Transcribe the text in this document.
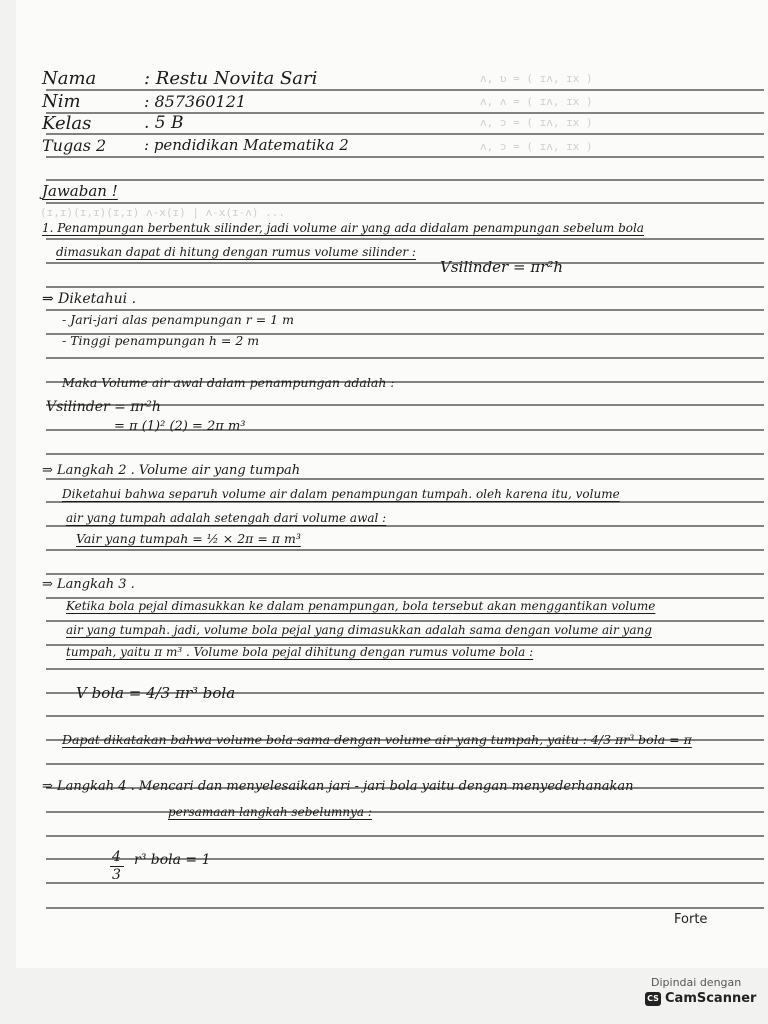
ʌ, ʋ = ( ɪʌ, ɪx )
ʌ, ʌ = ( ɪʌ, ɪx )
ʌ, ɔ = ( ɪʌ, ɪx )
ʌ, ɔ = ( ɪʌ, ɪx )
(ɪ,ɪ)(ɪ,ɪ)(ɪ,ɪ) ʌ-x(ɪ) | ʌ-x(ɪ-ʌ) ...
Nama	: Restu Novita Sari
Nim	: 857360121
Kelas	. 5 B
Tugas 2	: pendidikan Matematika 2
Jawaban !
1. Penampungan berbentuk silinder, jadi volume air yang ada didalam penampungan sebelum bola
dimasukan dapat di hitung dengan rumus volume silinder :
Vsilinder = πr²h
⇒ Diketahui .
- Jari-jari alas penampungan r = 1 m
- Tinggi penampungan h = 2 m
Maka Volume air awal dalam penampungan adalah :
Vsilinder = πr²h
= π (1)² (2) = 2π m³
⇒ Langkah 2 . Volume air yang tumpah
Diketahui bahwa separuh volume air dalam penampungan tumpah. oleh karena itu, volume
air yang tumpah adalah setengah dari volume awal :
Vair yang tumpah = ½ × 2π = π m³
⇒ Langkah 3 .
Ketika bola pejal dimasukkan ke dalam penampungan, bola tersebut akan menggantikan volume
air yang tumpah. jadi, volume bola pejal yang dimasukkan adalah sama dengan volume air yang
tumpah, yaitu π m³ . Volume bola pejal dihitung dengan rumus volume bola :
V bola = 4/3 πr³ bola
Dapat dikatakan bahwa volume bola sama dengan volume air yang tumpah, yaitu : 4/3 πr³ bola = π
⇒ Langkah 4 . Mencari dan menyelesaikan jari - jari bola yaitu dengan menyederhanakan
persamaan langkah sebelumnya :
4
3
r³ bola = 1
Forte
Dipindai dengan
CS CamScanner
